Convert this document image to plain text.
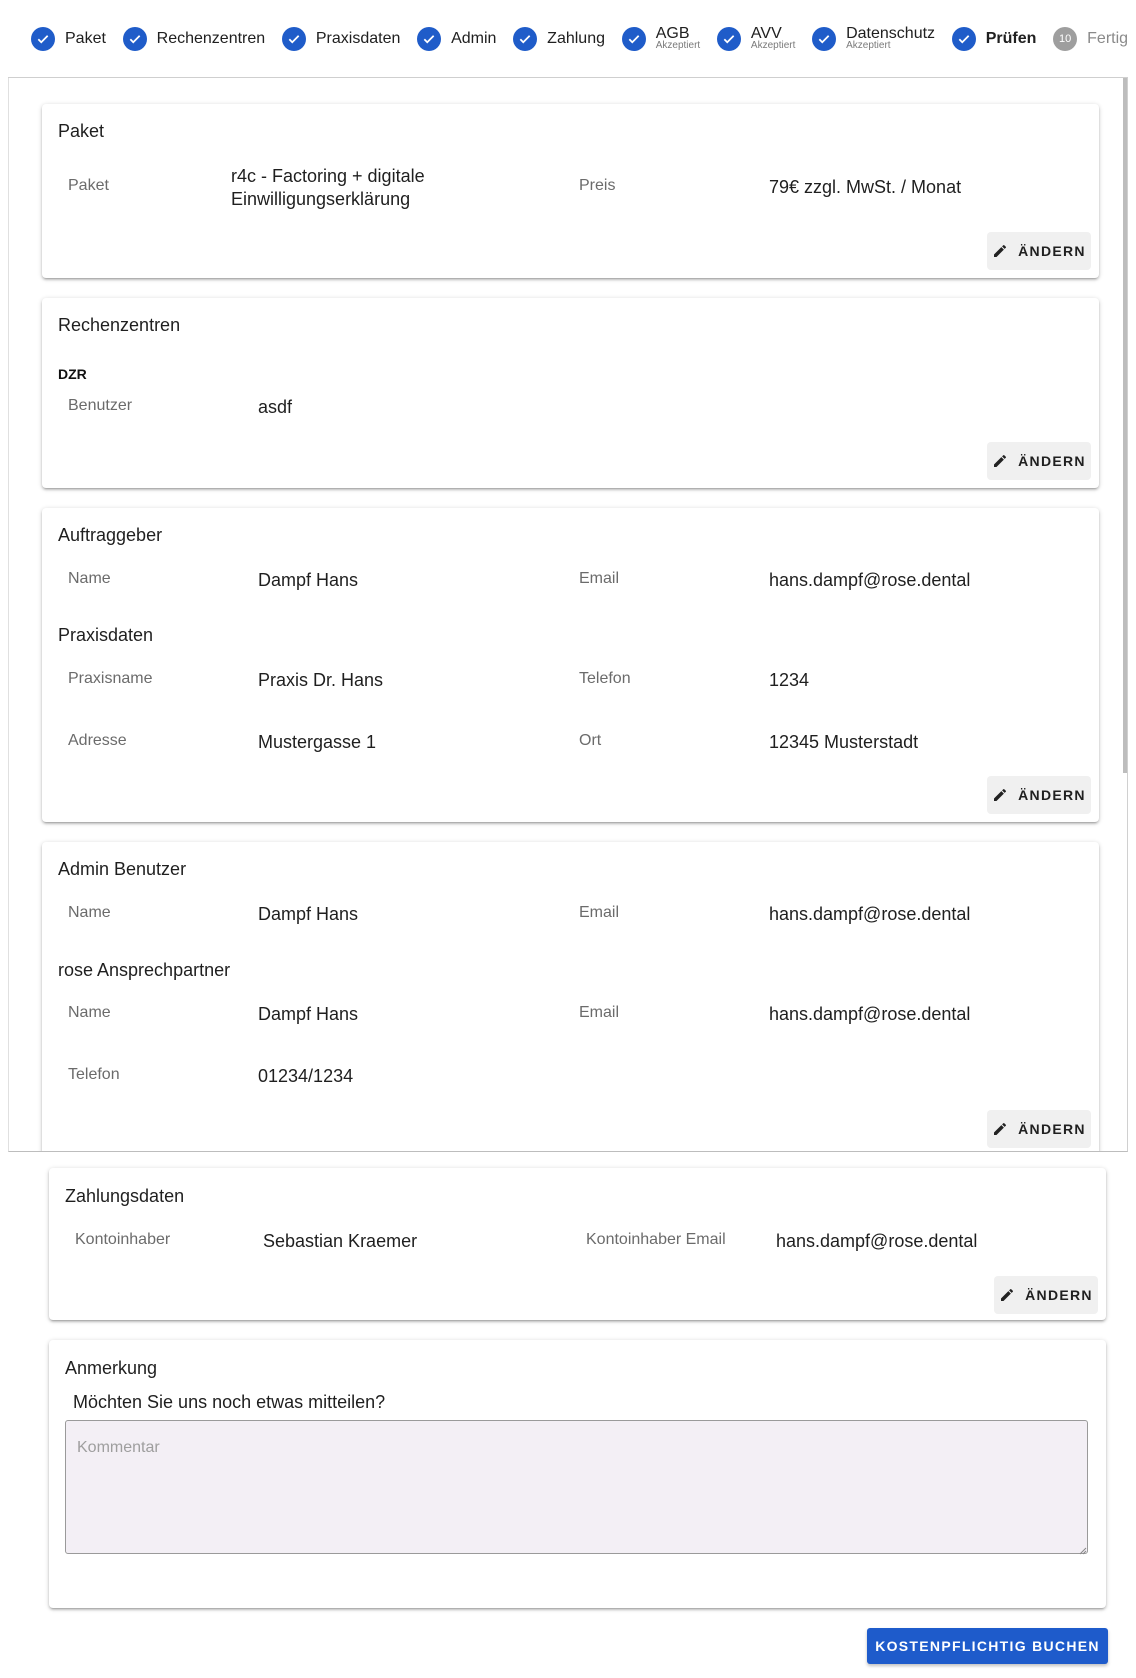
Paket	Rechenzentren	Praxisdaten	Admin	Zahlung	AGB
Akzeptiert
AVV
Akzeptiert
Datenschutz
Akzeptiert	Prüfen	10 Fertig
Paket
Paket	r4c - Factoring + digitale
Einwilligungserklärung
Preis	79€ zzgl. MwSt. / Monat
ÄNDERN
Rechenzentren
DZR
Benutzer	asdf
ÄNDERN
Auftraggeber
Name	Dampf Hans	Email	hans.dampf@rose.dental
Praxisdaten
Praxisname	Praxis Dr. Hans	Telefon	1234
Adresse	Mustergasse 1	Ort	12345 Musterstadt
ÄNDERN
Admin Benutzer
Name	Dampf Hans	Email	hans.dampf@rose.dental
rose Ansprechpartner
Name	Dampf Hans	Email	hans.dampf@rose.dental
Telefon	01234/1234
ÄNDERN
Zahlungsdaten
Kontoinhaber	Sebastian Kraemer	Kontoinhaber Email	hans.dampf@rose.dental
ÄNDERN
Anmerkung
Möchten Sie uns noch etwas mitteilen?
Kommentar
KOSTENPFLICHTIG BUCHEN
